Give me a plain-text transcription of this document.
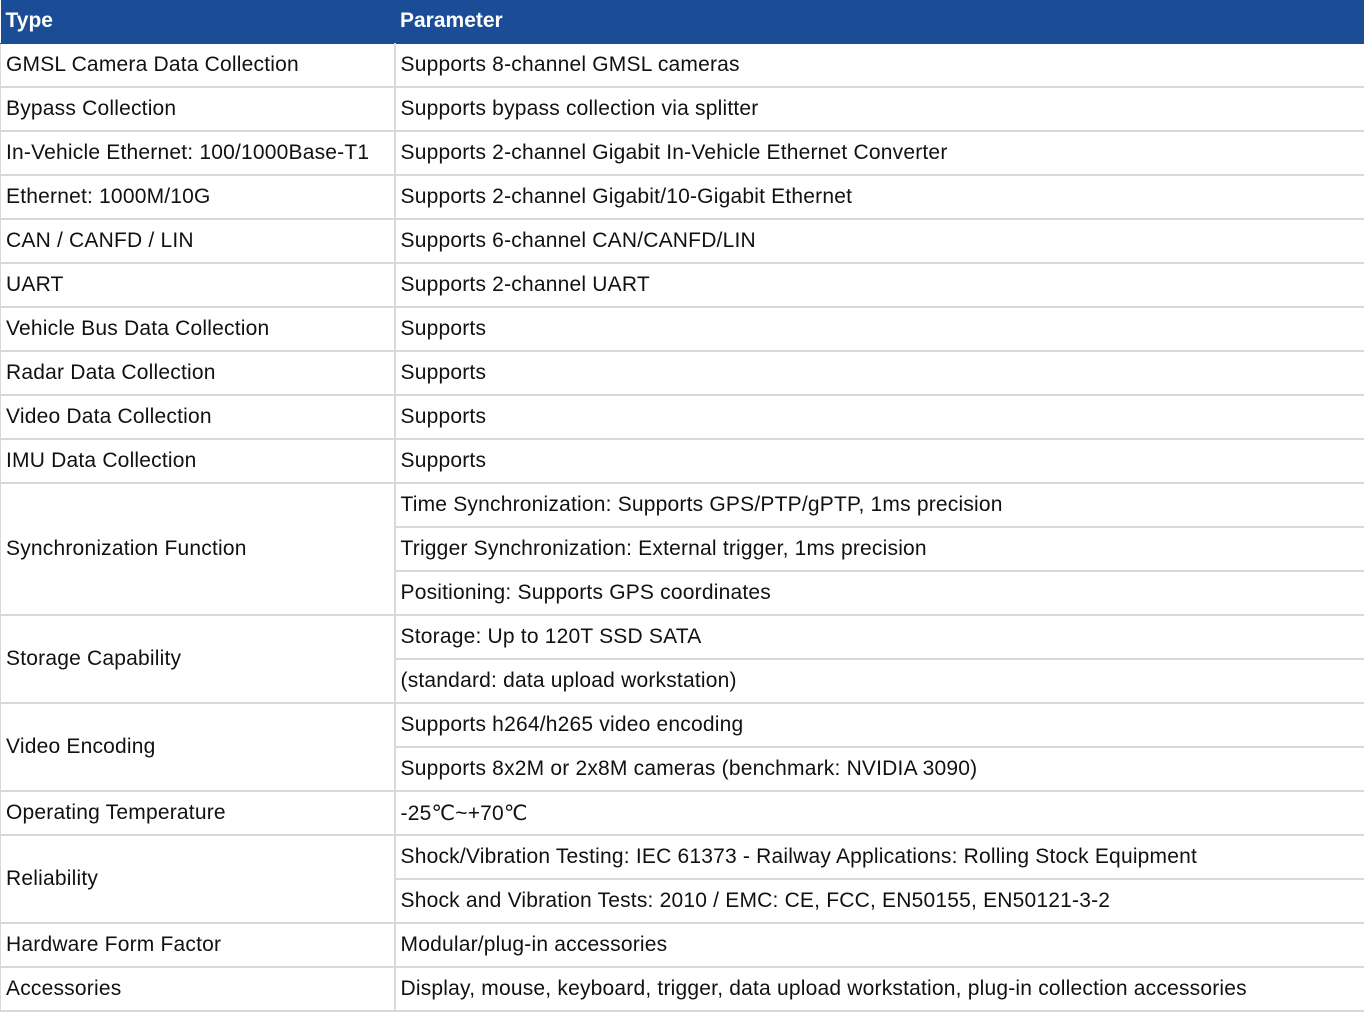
Type	Parameter
GMSL Camera Data Collection	Supports 8-channel GMSL cameras
Bypass Collection	Supports bypass collection via splitter
In-Vehicle Ethernet: 100/1000Base-T1	Supports 2-channel Gigabit In-Vehicle Ethernet Converter
Ethernet: 1000M/10G	Supports 2-channel Gigabit/10-Gigabit Ethernet
CAN / CANFD / LIN	Supports 6-channel CAN/CANFD/LIN
UART	Supports 2-channel UART
Vehicle Bus Data Collection	Supports
Radar Data Collection	Supports
Video Data Collection	Supports
IMU Data Collection	Supports
Synchronization Function	Time Synchronization: Supports GPS/PTP/gPTP, 1ms precision
	Trigger Synchronization: External trigger, 1ms precision
	Positioning: Supports GPS coordinates
Storage Capability	Storage: Up to 120T SSD SATA
	(standard: data upload workstation)
Video Encoding	Supports h264/h265 video encoding
	Supports 8x2M or 2x8M cameras (benchmark: NVIDIA 3090)
Operating Temperature	-25℃~+70℃
Reliability	Shock/Vibration Testing: IEC 61373 - Railway Applications: Rolling Stock Equipment
	Shock and Vibration Tests: 2010 / EMC: CE, FCC, EN50155, EN50121-3-2
Hardware Form Factor	Modular/plug-in accessories
Accessories	Display, mouse, keyboard, trigger, data upload workstation, plug-in collection accessories
